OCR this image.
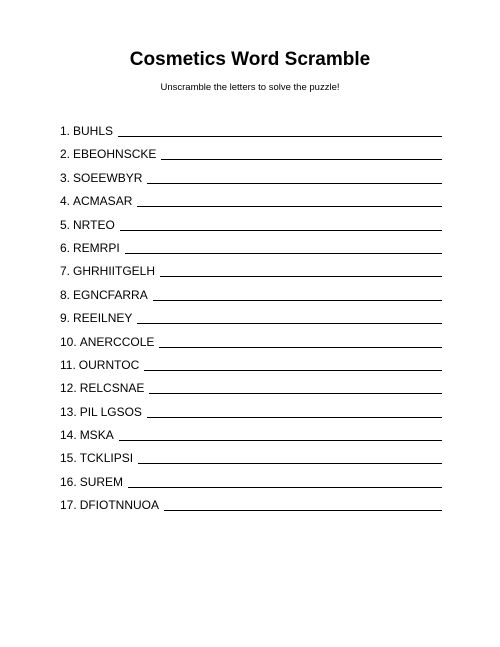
Cosmetics Word Scramble

Unscramble the letters to solve the puzzle!

1. BUHLS
2. EBEOHNSCKE
3. SOEEWBYR
4. ACMASAR
5. NRTEO
6. REMRPI
7. GHRHIITGELH
8. EGNCFARRA
9. REEILNEY
10. ANERCCOLE
11. OURNTOC
12. RELCSNAE
13. PIL LGSOS
14. MSKA
15. TCKLIPSI
16. SUREM
17. DFIOTNNUOA
